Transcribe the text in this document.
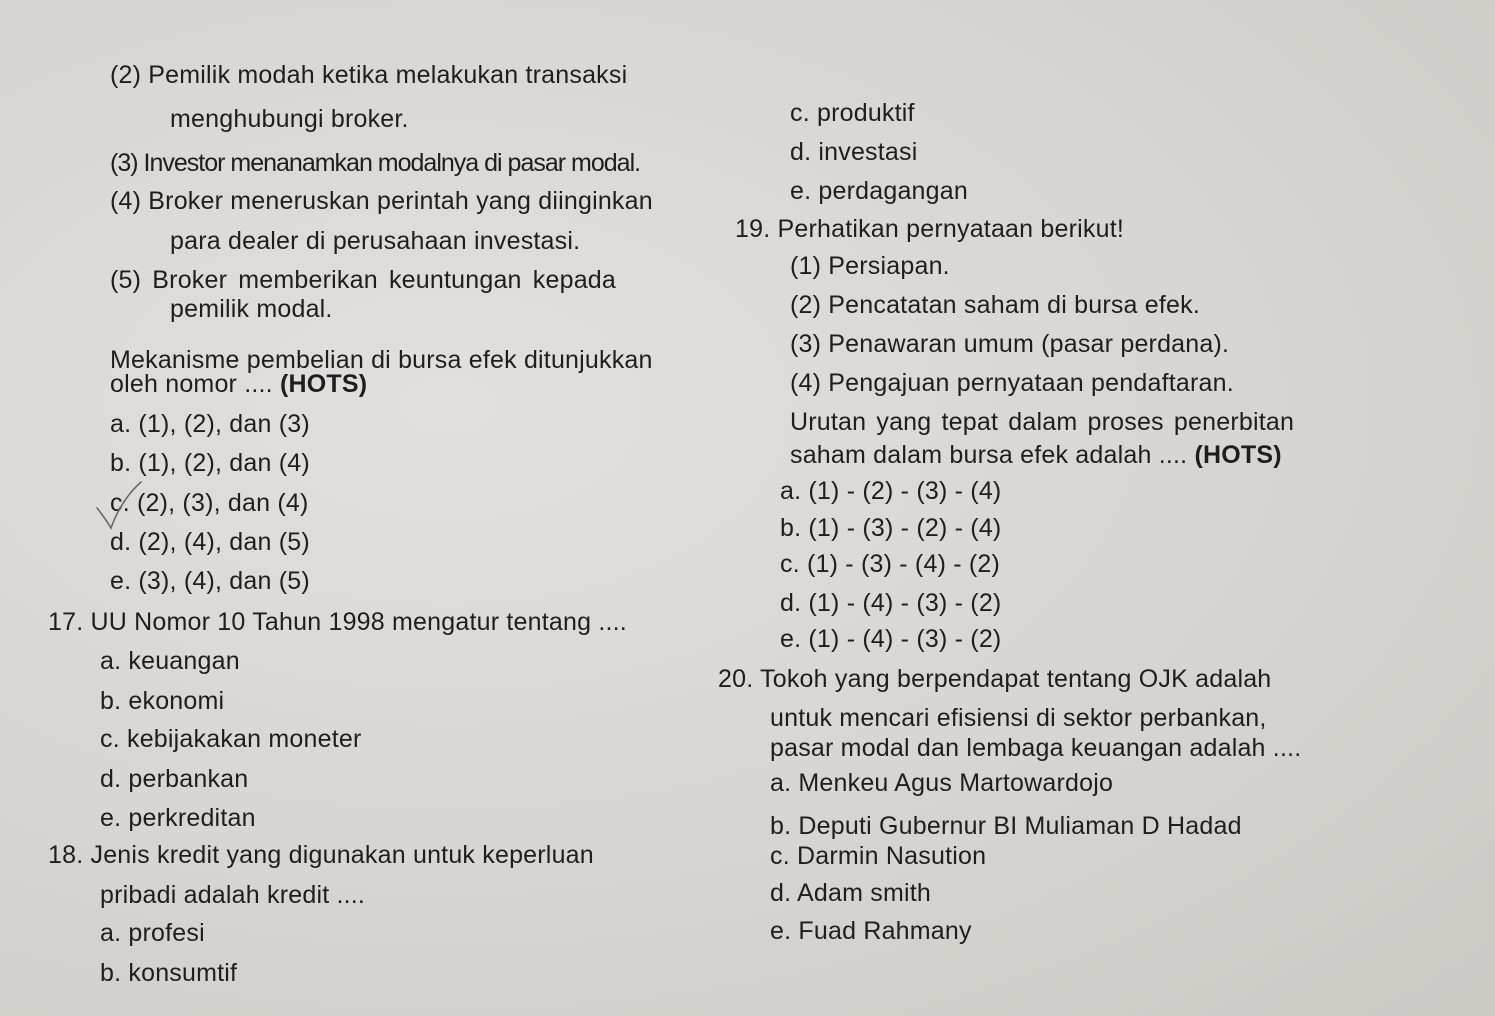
(2) Pemilik modah ketika melakukan transaksi
menghubungi broker.
(3) Investor menanamkan modalnya di pasar modal.
(4) Broker meneruskan perintah yang diinginkan
para dealer di perusahaan investasi.
(5) Broker memberikan keuntungan kepada
pemilik modal.
Mekanisme pembelian di bursa efek ditunjukkan
oleh nomor .... (HOTS)
a. (1), (2), dan (3)
b. (1), (2), dan (4)
c. (2), (3), dan (4)
d. (2), (4), dan (5)
e. (3), (4), dan (5)
17. UU Nomor 10 Tahun 1998 mengatur tentang ....
a. keuangan
b. ekonomi
c. kebijakakan moneter
d. perbankan
e. perkreditan
18. Jenis kredit yang digunakan untuk keperluan
pribadi adalah kredit ....
a. profesi
b. konsumtif
c. produktif
d. investasi
e. perdagangan
19. Perhatikan pernyataan berikut!
(1) Persiapan.
(2) Pencatatan saham di bursa efek.
(3) Penawaran umum (pasar perdana).
(4) Pengajuan pernyataan pendaftaran.
Urutan yang tepat dalam proses penerbitan
saham dalam bursa efek adalah .... (HOTS)
a. (1) - (2) - (3) - (4)
b. (1) - (3) - (2) - (4)
c. (1) - (3) - (4) - (2)
d. (1) - (4) - (3) - (2)
e. (1) - (4) - (3) - (2)
20. Tokoh yang berpendapat tentang OJK adalah
untuk mencari efisiensi di sektor perbankan,
pasar modal dan lembaga keuangan adalah ....
a. Menkeu Agus Martowardojo
b. Deputi Gubernur BI Muliaman D Hadad
c. Darmin Nasution
d. Adam smith
e. Fuad Rahmany
